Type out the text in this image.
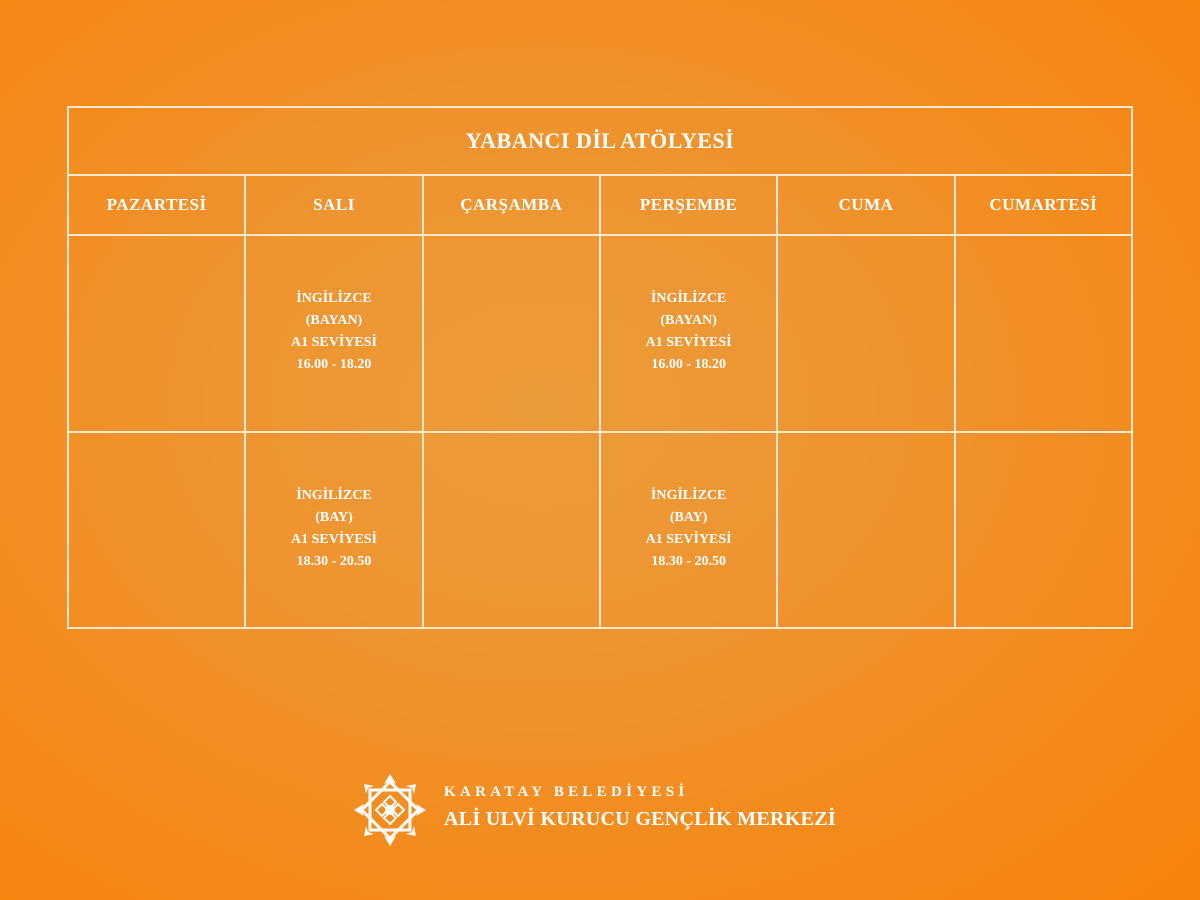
YABANCI DİL ATÖLYESİ					
PAZARTESİ	SALI	ÇARŞAMBA	PERŞEMBE	CUMA	CUMARTESİ

	İNGİLİZCE
(BAYAN)
A1 SEVİYESİ
16.00 - 18.20		İNGİLİZCE
(BAYAN)
A1 SEVİYESİ
16.00 - 18.20		

	İNGİLİZCE
(BAY)
A1 SEVİYESİ
18.30 - 20.50		İNGİLİZCE
(BAY)
A1 SEVİYESİ
18.30 - 20.50		

KARATAY BELEDİYESİ
ALİ ULVİ KURUCU GENÇLİK MERKEZİ
